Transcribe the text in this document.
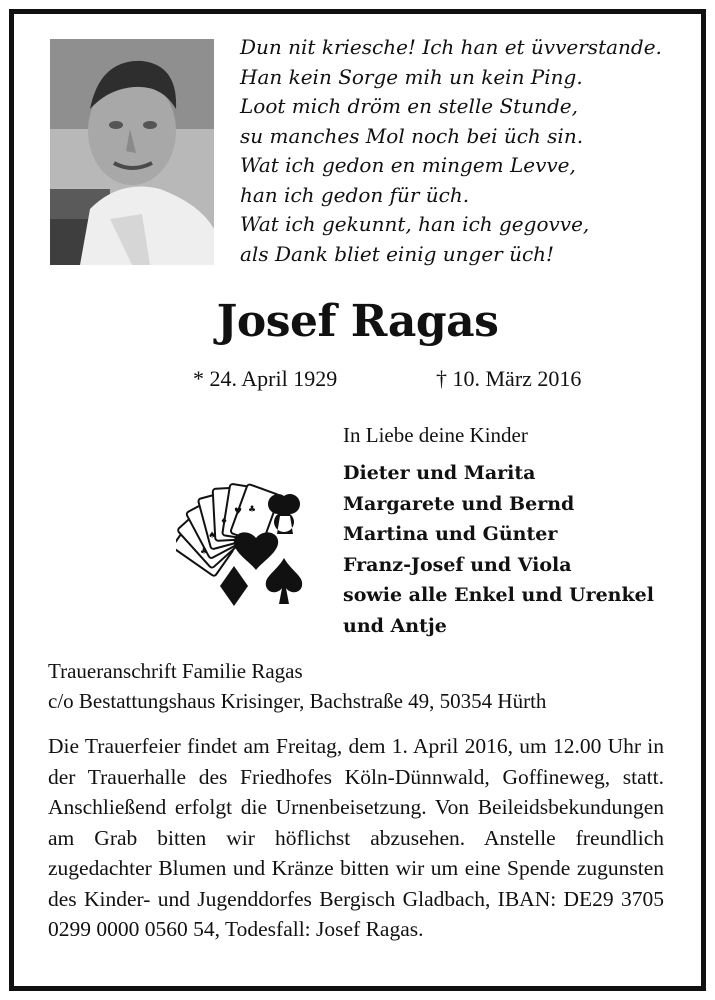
Dun nit kriesche! Ich han et üvverstande.
Han kein Sorge mih un kein Ping.
Loot mich dröm en stelle Stunde,
su manches Mol noch bei üch sin.
Wat ich gedon en mingem Levve,
han ich gedon für üch.
Wat ich gekunnt, han ich gegovve,
als Dank bliet einig unger üch!
Josef Ragas
* 24. April 1929	† 10. März 2016
In Liebe deine Kinder
Dieter und Marita
Margarete und Bernd
Martina und Günter
Franz-Josef und Viola
sowie alle Enkel und Urenkel
und Antje
♣
♠
♦
♥ ♣
Traueranschrift Familie Ragas
c/o Bestattungshaus Krisinger, Bachstraße 49, 50354 Hürth
Die Trauerfeier findet am Freitag, dem 1. April 2016, um 12.00 Uhr in der Trauerhalle des Friedhofes Köln-Dünnwald, Goffineweg, statt. Anschließend erfolgt die Urnenbeisetzung. Von Beileidsbekundungen am Grab bitten wir höflichst abzusehen. Anstelle freundlich zugedachter Blumen und Kränze bitten wir um eine Spende zugunsten des Kinder- und Jugenddorfes Bergisch Gladbach, IBAN: DE29 3705 0299 0000 0560 54, Todesfall: Josef Ragas.
